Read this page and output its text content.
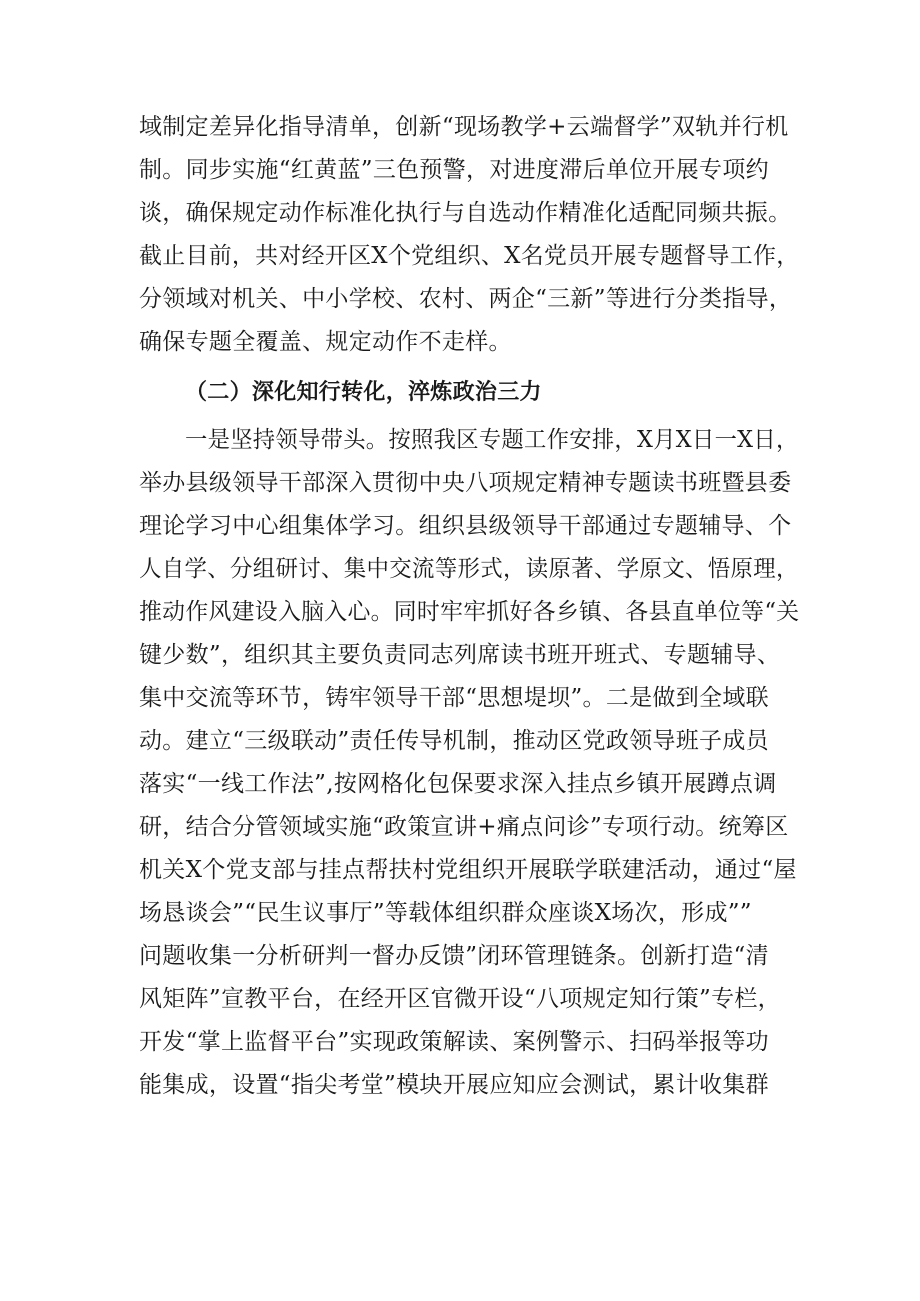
域制定差异化指导清单，创新“现场教学+云端督学”双轨并行机
制。同步实施“红黄蓝”三色预警，对进度滞后单位开展专项约
谈，确保规定动作标准化执行与自选动作精准化适配同频共振。
截止目前，共对经开区X个党组织、X名党员开展专题督导工作，
分领域对机关、中小学校、农村、两企“三新”等进行分类指导，
确保专题全覆盖、规定动作不走样。
（二）深化知行转化，淬炼政治三力
一是坚持领导带头。按照我区专题工作安排，X月X日一X日，
举办县级领导干部深入贯彻中央八项规定精神专题读书班暨县委
理论学习中心组集体学习。组织县级领导干部通过专题辅导、个
人自学、分组研讨、集中交流等形式，读原著、学原文、悟原理，
推动作风建设入脑入心。同时牢牢抓好各乡镇、各县直单位等“关
键少数”，组织其主要负责同志列席读书班开班式、专题辅导、
集中交流等环节，铸牢领导干部“思想堤坝”。二是做到全域联
动。建立“三级联动”责任传导机制，推动区党政领导班子成员
落实“一线工作法”,按网格化包保要求深入挂点乡镇开展蹲点调
研，结合分管领域实施“政策宣讲+痛点问诊”专项行动。统筹区
机关X个党支部与挂点帮扶村党组织开展联学联建活动，通过“屋
场恳谈会”“民生议事厅”等载体组织群众座谈X场次，形成””
问题收集一分析研判一督办反馈”闭环管理链条。创新打造“清
风矩阵”宣教平台，在经开区官微开设“八项规定知行策”专栏，
开发“掌上监督平台”实现政策解读、案例警示、扫码举报等功
能集成，设置“指尖考堂”模块开展应知应会测试，累计收集群
